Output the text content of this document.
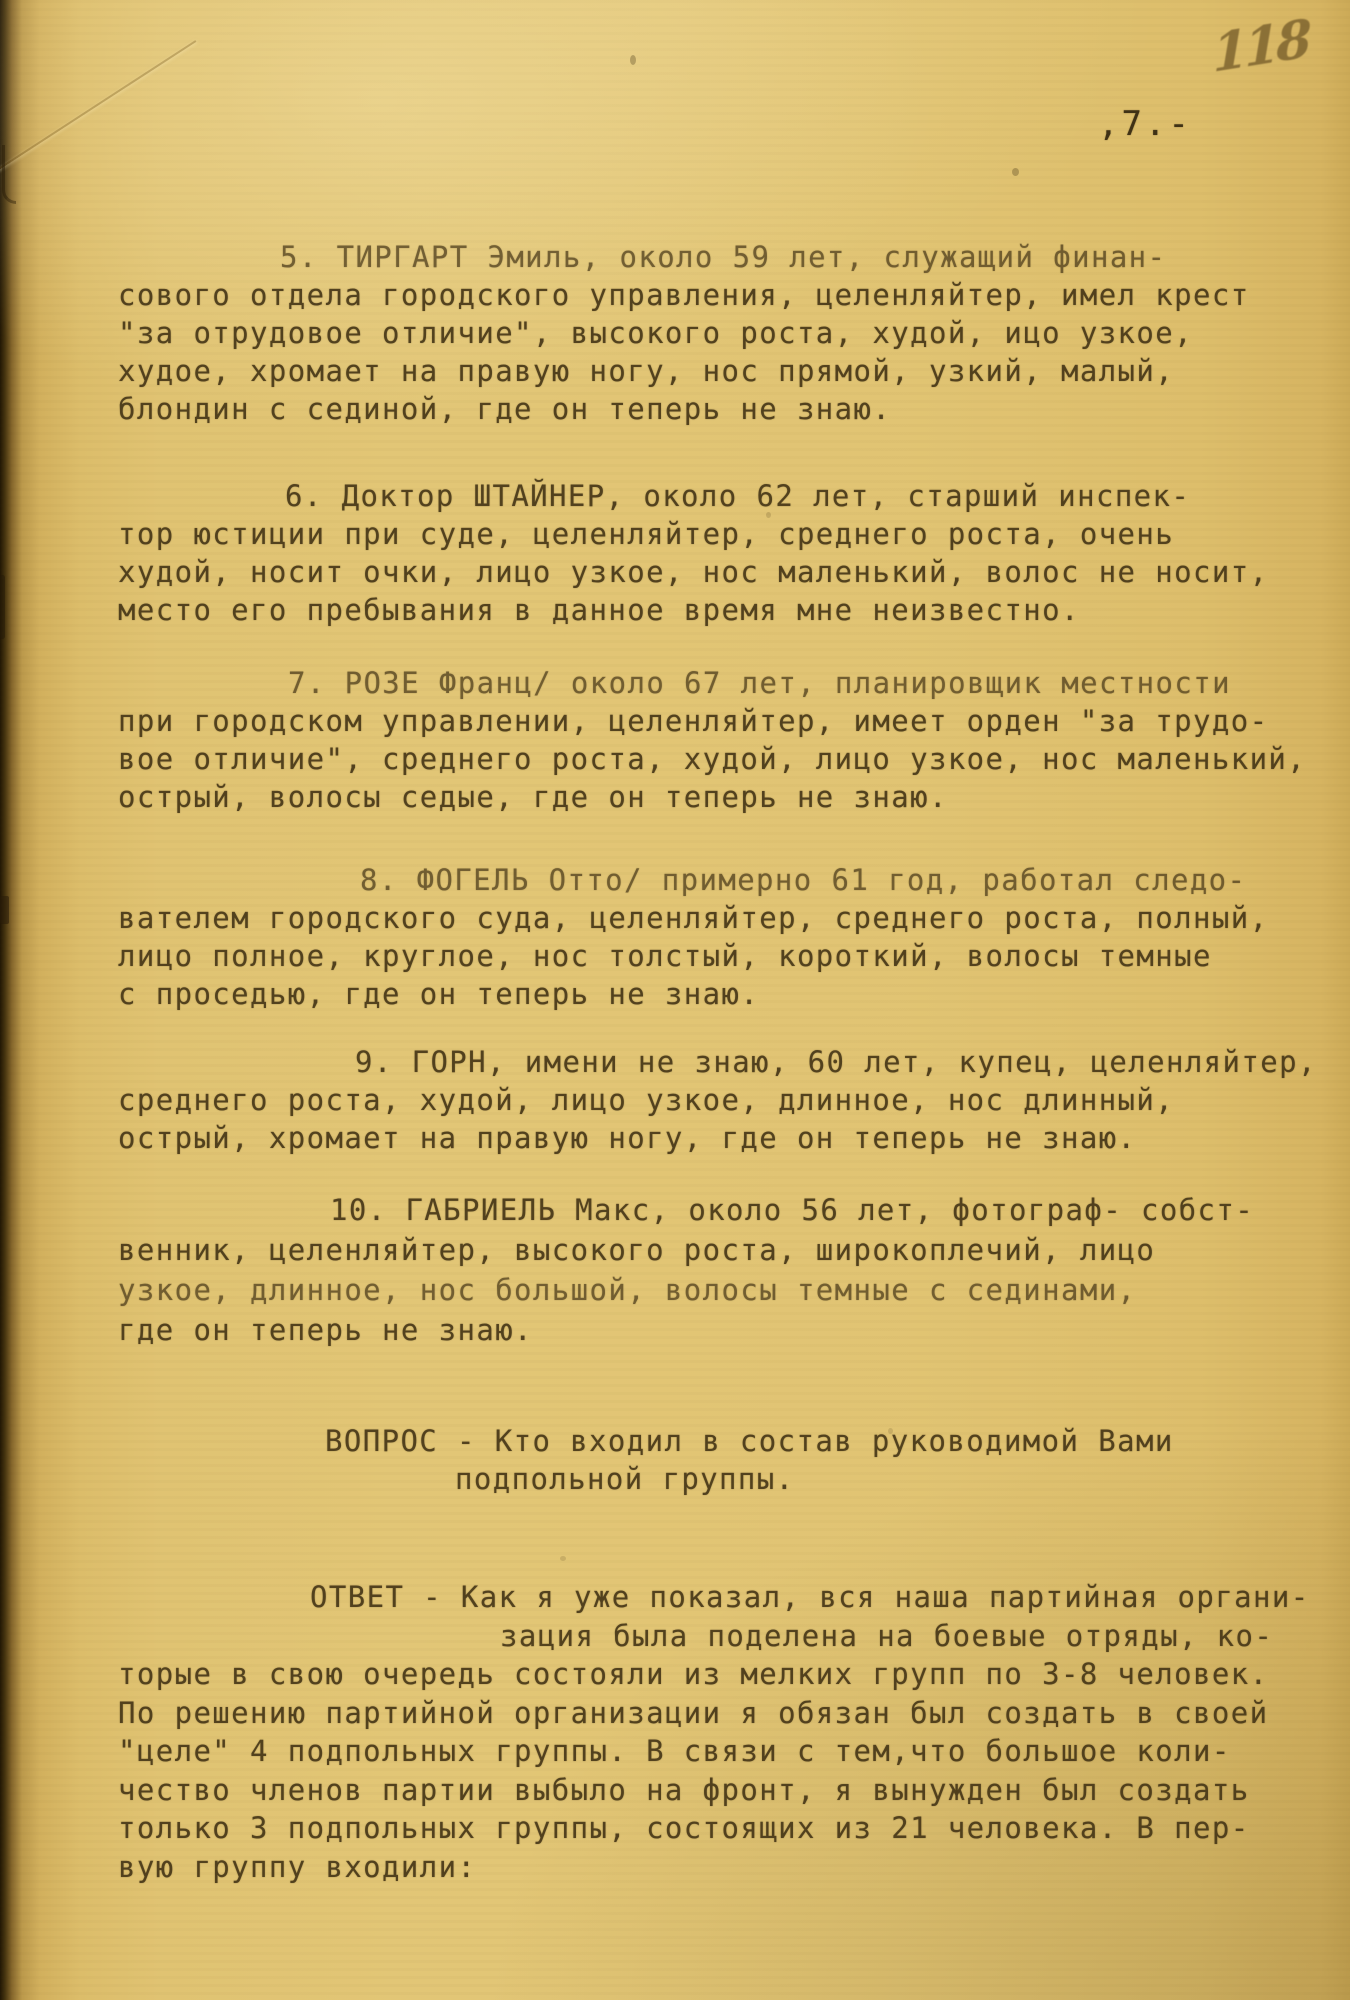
118
,7.-
5. ТИРГАРТ Эмиль, около 59 лет, служащий финан-
сового отдела городского управления, целенляйтер, имел крест
"за отрудовое отличие", высокого роста, худой, ицо узкое,
худое, хромает на правую ногу, нос прямой, узкий, малый,
блондин с сединой, где он теперь не знаю.
6. Доктор ШТАЙНЕР, около 62 лет, старший инспек-
тор юстиции при суде, целенляйтер, среднего роста, очень
худой, носит очки, лицо узкое, нос маленький, волос не носит,
место его пребывания в данное время мне неизвестно.
7. РОЗЕ Франц/ около 67 лет, планировщик местности
при городском управлении, целенляйтер, имеет орден "за трудо-
вое отличие", среднего роста, худой, лицо узкое, нос маленький,
острый, волосы седые, где он теперь не знаю.
8. ФОГЕЛЬ Отто/ примерно 61 год, работал следо-
вателем городского суда, целенляйтер, среднего роста, полный,
лицо полное, круглое, нос толстый, короткий, волосы темные
с проседью, где он теперь не знаю.
9. ГОРН, имени не знаю, 60 лет, купец, целенляйтер,
среднего роста, худой, лицо узкое, длинное, нос длинный,
острый, хромает на правую ногу, где он теперь не знаю.
10. ГАБРИЕЛЬ Макс, около 56 лет, фотограф- собст-
венник, целенляйтер, высокого роста, широкоплечий, лицо
узкое, длинное, нос большой, волосы темные с сединами,
где он теперь не знаю.
ВОПРОС - Кто входил в состав руководимой Вами
подпольной группы.
ОТВЕТ - Как я уже показал, вся наша партийная органи-
зация была поделена на боевые отряды, ко-
торые в свою очередь состояли из мелких групп по 3-8 человек.
По решению партийной организации я обязан был создать в своей
"целе" 4 подпольных группы. В связи с тем,что большое коли-
чество членов партии выбыло на фронт, я вынужден был создать
только 3 подпольных группы, состоящих из 21 человека. В пер-
вую группу входили:
